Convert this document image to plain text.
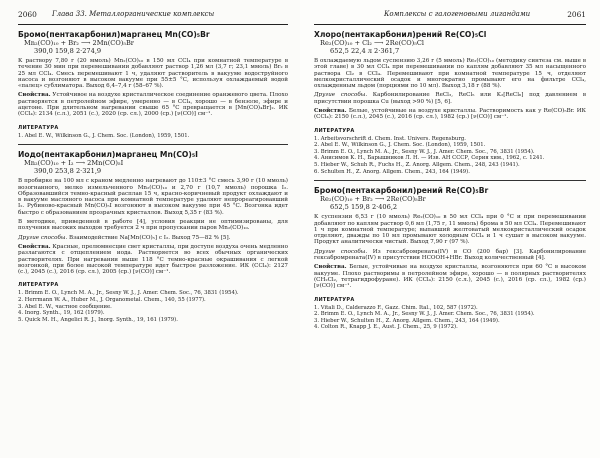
2060 Глава 33. Металлорганические комплексы
Бромо(пентакарбонил)марганец Mn(CO)₅Br
Mn₂(CO)₁₀ + Br₂ ⟶ 2Mn(CO)₅Br
390,0 159,8 2·274,9
К раствору 7,80 г (20 ммоль) Mn₂(CO)₁₀ в 150 мл CCl₄ при комнатной температуре в течение 30 мин при перемешивании добавляют раствор 1,26 мл (3,7 г; 23,1 ммоль) Br₂ в 25 мл CCl₄. Смесь перемешивают 1 ч, удаляют растворитель в вакууме водоструйного насоса и возгоняют в высоком вакууме при 55±5 °С, используя охлаждаемый водой «палец» сублиматора. Выход 6,4–7,4 г (58–67 %).
Свойства. Устойчивое на воздухе кристаллическое соединение оранжевого цвета. Плохо растворяется в петролейном эфире, умеренно — в CCl₄, хорошо — в бензоле, эфире и ацетоне. При длительном нагревании свыше 65 °С превращается в [Mn(CO)₄Br]₂. ИК (CCl₄): 2134 (с.л.), 2051 (с.), 2020 (ср. сл.), 2000 (ср.) [ν(CO)] см⁻¹.
ЛИТЕРАТУРА
1. Abel E. W., Wilkinson G., J. Chem. Soc. (London), 1959, 1501.
Иодо(пентакарбонил)марганец Mn(CO)₅I
Mn₂(CO)₁₀ + I₂ ⟶ 2Mn(CO)₅I
390,0 253,8 2·321,9
В пробирке на 100 мл с краном медленно нагревают до 110±3 °С смесь 3,90 г (10 ммоль) возогнанного, мелко измельченного Mn₂(CO)₁₀ и 2,70 г (10,7 ммоль) порошка I₂. Образовавшийся темно-красный расплав 15 ч, красно-коричневый продукт охлаждают и в вакууме масляного насоса при комнатной температуре удаляют непрореагировавший I₂. Рубиново-красный Mn(CO)₅I возгоняют в высоком вакууме при 45 °С. Возгонка идет быстро с образованием прозрачных кристаллов. Выход 5,35 г (83 %).
В методике, приведенной в работе [4], условия реакции не оптимизированы, для получения высоких выходов требуется 2 ч при пропускании паров Mn₂(CO)₁₀.
Другие способы. Взаимодействие Na[Mn(CO)₅] с I₂. Выход 75—82 % [5].
Свойства. Красные, прелюмнесцие свет кристаллы, при доступе воздуха очень медленно разлагаются с отщеплением иода. Растворяется во всех обычных органических растворителях. При нагревании выше 118 °С темно-красные окрашивания с легкой возгонкой, при более высокой температуре идет быстрое разложение. ИК (CCl₄): 2127 (с.), 2045 (с.), 2016 (ср. сл.), 2005 (ср.) [ν(CO)] см⁻¹.
ЛИТЕРАТУРА
1. Brimm E. O., Lynch M. A., Jr., Sesny W. J., J. Amer. Chem. Soc., 76, 3831 (1954).
2. Herrmann W. A., Huber M., J. Organometal. Chem., 140, 55 (1977).
3. Abel E. W., частное сообщение.
4. Inorg. Synth., 19, 162 (1979).
5. Quick M. H., Angelici R. J., Inorg. Synth., 19, 161 (1979).
Комплексы с галогеновыми лигандами	2061
Хлоро(пентакарбонил)рений Re(CO)₅Cl
Re₂(CO)₁₀ + Cl₂ ⟶ 2Re(CO)₅Cl
652,5 22,4 л 2·361,7
В охлаждаемую льдом суспензию 3,26 г (5 ммоль) Re₂(CO)₁₀ (методику синтеза см. выше в этой главе) в 30 мл CCl₄ при перемешивании по каплям добавляют 35 мл насыщенного раствора Cl₂ в CCl₄. Перемешивают при комнатной температуре 15 ч, отделяют мелкокристаллический осадок и многократно промывают его на фильтре CCl₄, охлажденным льдом (порциями по 10 мл). Выход 3,18 г (88 %).
Другие способы. Карбонилирование ReCl₃, ReCl₅ или K₂[ReCl₆] под давлением в присутствии порошка Cu (выход >90 %) [5, 6].
Свойства. Белые, устойчивые на воздухе кристаллы. Растворимость как у Re(CO)₅Br. ИК (CCl₄): 2150 (с.л.), 2045 (с.), 2016 (ср. сл.), 1982 (ср.) [ν(CO)] см⁻¹.
ЛИТЕРАТУРА
1. Arbeitsvorschrift d. Chem. Inst. Univers. Regensburg.
2. Abel E. W., Wilkinson G., J. Chem. Soc. (London), 1959, 1501.
3. Brimm E. O., Lynch M. A., Jr., Sesny W. J., J. Amer. Chem. Soc., 76, 3831 (1954).
4. Анисимов К. Н., Барышников Л. Н. — Изв. АН СССР, Серия хим., 1962, с. 1241.
5. Hieber W., Schuh R., Fuchs H., Z. Anorg. Allgem. Chem., 248, 243 (1941).
6. Schulten H., Z. Anorg. Allgem. Chem., 243, 164 (1949).
Бромо(пентакарбонил)рений Re(CO)₅Br
Re₂(CO)₁₀ + Br₂ ⟶ 2Re(CO)₅Br
652,5 159,8 2·406,2
К суспензии 6,53 г (10 ммоль) Re₂(CO)₁₀ в 50 мл CCl₄ при 0 °С и при перемешивании добавляют по каплям раствор 0,6 мл (1,75 г, 11 ммоль) брома в 50 мл CCl₄. Перемешивают 1 ч при комнатной температуре; выпавший желтоватый мелкокристаллический осадок отделяют, дважды по 10 мл промывают холодным CCl₄ и 1 ч сушат в высоком вакууме. Продукт аналитически чистый. Выход 7,90 г (97 %).
Другие способы. Из гексабромрената(IV) в CO (200 бар) [3]. Карбонилирование гексабромрената(IV) в присутствии HCOOH+HBr. Выход количественный [4].
Свойства. Белые, устойчивые на воздухе кристаллы, возгоняются при 60 °С в высоком вакууме. Плохо растворимы в петролейном эфире, хорошо — в полярных растворителях (CH₂Cl₂, тетрагидрофуране). ИК (CCl₄): 2150 (с.л.), 2045 (с.), 2016 (ср. сл.), 1982 (ср.) [ν(CO)] см⁻¹.
ЛИТЕРАТУРА
1. Vitali D., Calderazzo F., Gazz. Chim. Ital., 102, 587 (1972).
2. Brimm E. O., Lynch M. A., Jr., Sesny W. J., J. Amer. Chem. Soc., 76, 3831 (1954).
3. Hieber W., Schulten H., Z. Anorg. Allgem. Chem., 243, 164 (1949).
4. Colton R., Knapp J. E., Aust. J. Chem., 25, 9 (1972).
